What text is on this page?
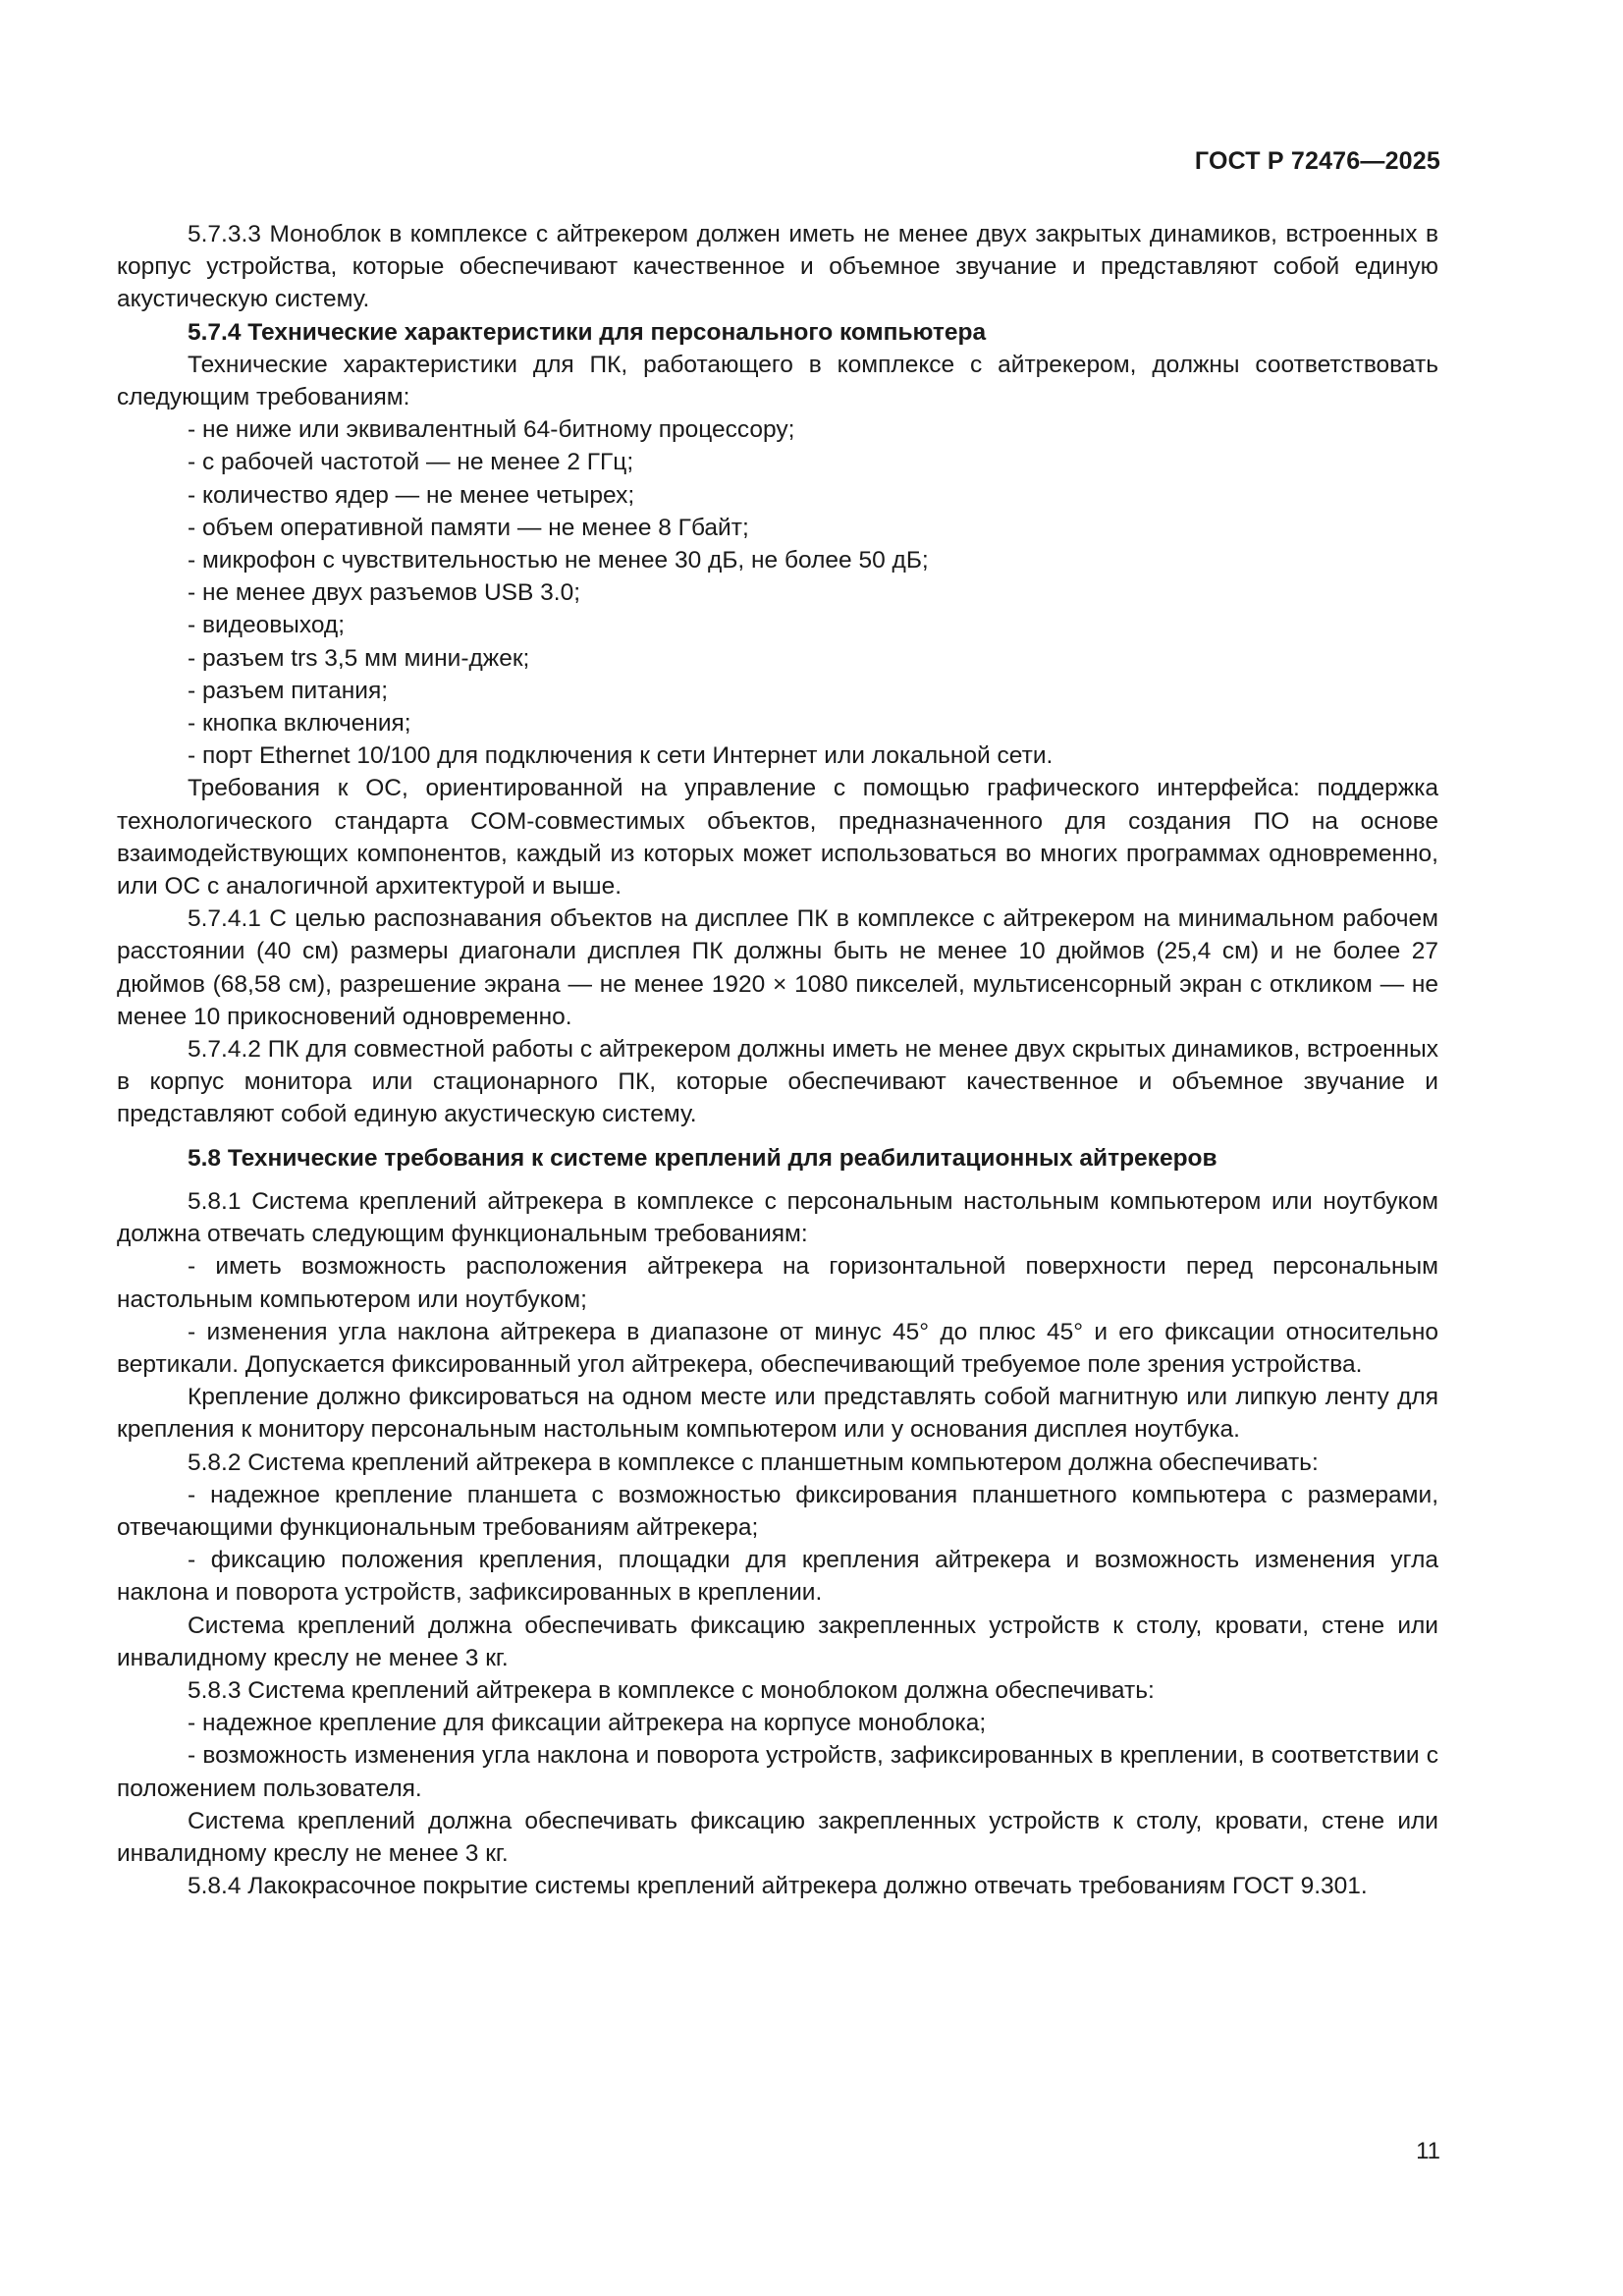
ГОСТ Р 72476—2025

5.7.3.3 Моноблок в комплексе с айтрекером должен иметь не менее двух закрытых динамиков, встроенных в корпус устройства, которые обеспечивают качественное и объемное звучание и представляют собой единую акустическую систему.

5.7.4 Технические характеристики для персонального компьютера

Технические характеристики для ПК, работающего в комплексе с айтрекером, должны соответствовать следующим требованиям:

- не ниже или эквивалентный 64-битному процессору;

- с рабочей частотой — не менее 2 ГГц;

- количество ядер — не менее четырех;

- объем оперативной памяти — не менее 8 Гбайт;

- микрофон с чувствительностью не менее 30 дБ, не более 50 дБ;

- не менее двух разъемов USB 3.0;

- видеовыход;

- разъем trs 3,5 мм мини-джек;

- разъем питания;

- кнопка включения;

- порт Ethernet 10/100 для подключения к сети Интернет или локальной сети.

Требования к ОС, ориентированной на управление с помощью графического интерфейса: поддержка технологического стандарта COM-совместимых объектов, предназначенного для создания ПО на основе взаимодействующих компонентов, каждый из которых может использоваться во многих программах одновременно, или ОС с аналогичной архитектурой и выше.

5.7.4.1 С целью распознавания объектов на дисплее ПК в комплексе с айтрекером на минимальном рабочем расстоянии (40 см) размеры диагонали дисплея ПК должны быть не менее 10 дюймов (25,4 см) и не более 27 дюймов (68,58 см), разрешение экрана — не менее 1920 × 1080 пикселей, мультисенсорный экран с откликом — не менее 10 прикосновений одновременно.

5.7.4.2 ПК для совместной работы с айтрекером должны иметь не менее двух скрытых динамиков, встроенных в корпус монитора или стационарного ПК, которые обеспечивают качественное и объемное звучание и представляют собой единую акустическую систему.

5.8 Технические требования к системе креплений для реабилитационных айтрекеров

5.8.1 Система креплений айтрекера в комплексе с персональным настольным компьютером или ноутбуком должна отвечать следующим функциональным требованиям:

- иметь возможность расположения айтрекера на горизонтальной поверхности перед персональным настольным компьютером или ноутбуком;

- изменения угла наклона айтрекера в диапазоне от минус 45° до плюс 45° и его фиксации относительно вертикали. Допускается фиксированный угол айтрекера, обеспечивающий требуемое поле зрения устройства.

Крепление должно фиксироваться на одном месте или представлять собой магнитную или липкую ленту для крепления к монитору персональным настольным компьютером или у основания дисплея ноутбука.

5.8.2 Система креплений айтрекера в комплексе с планшетным компьютером должна обеспечивать:

- надежное крепление планшета с возможностью фиксирования планшетного компьютера с размерами, отвечающими функциональным требованиям айтрекера;

- фиксацию положения крепления, площадки для крепления айтрекера и возможность изменения угла наклона и поворота устройств, зафиксированных в креплении.

Система креплений должна обеспечивать фиксацию закрепленных устройств к столу, кровати, стене или инвалидному креслу не менее 3 кг.

5.8.3 Система креплений айтрекера в комплексе с моноблоком должна обеспечивать:

- надежное крепление для фиксации айтрекера на корпусе моноблока;

- возможность изменения угла наклона и поворота устройств, зафиксированных в креплении, в соответствии с положением пользователя.

Система креплений должна обеспечивать фиксацию закрепленных устройств к столу, кровати, стене или инвалидному креслу не менее 3 кг.

5.8.4 Лакокрасочное покрытие системы креплений айтрекера должно отвечать требованиям ГОСТ 9.301.

11
